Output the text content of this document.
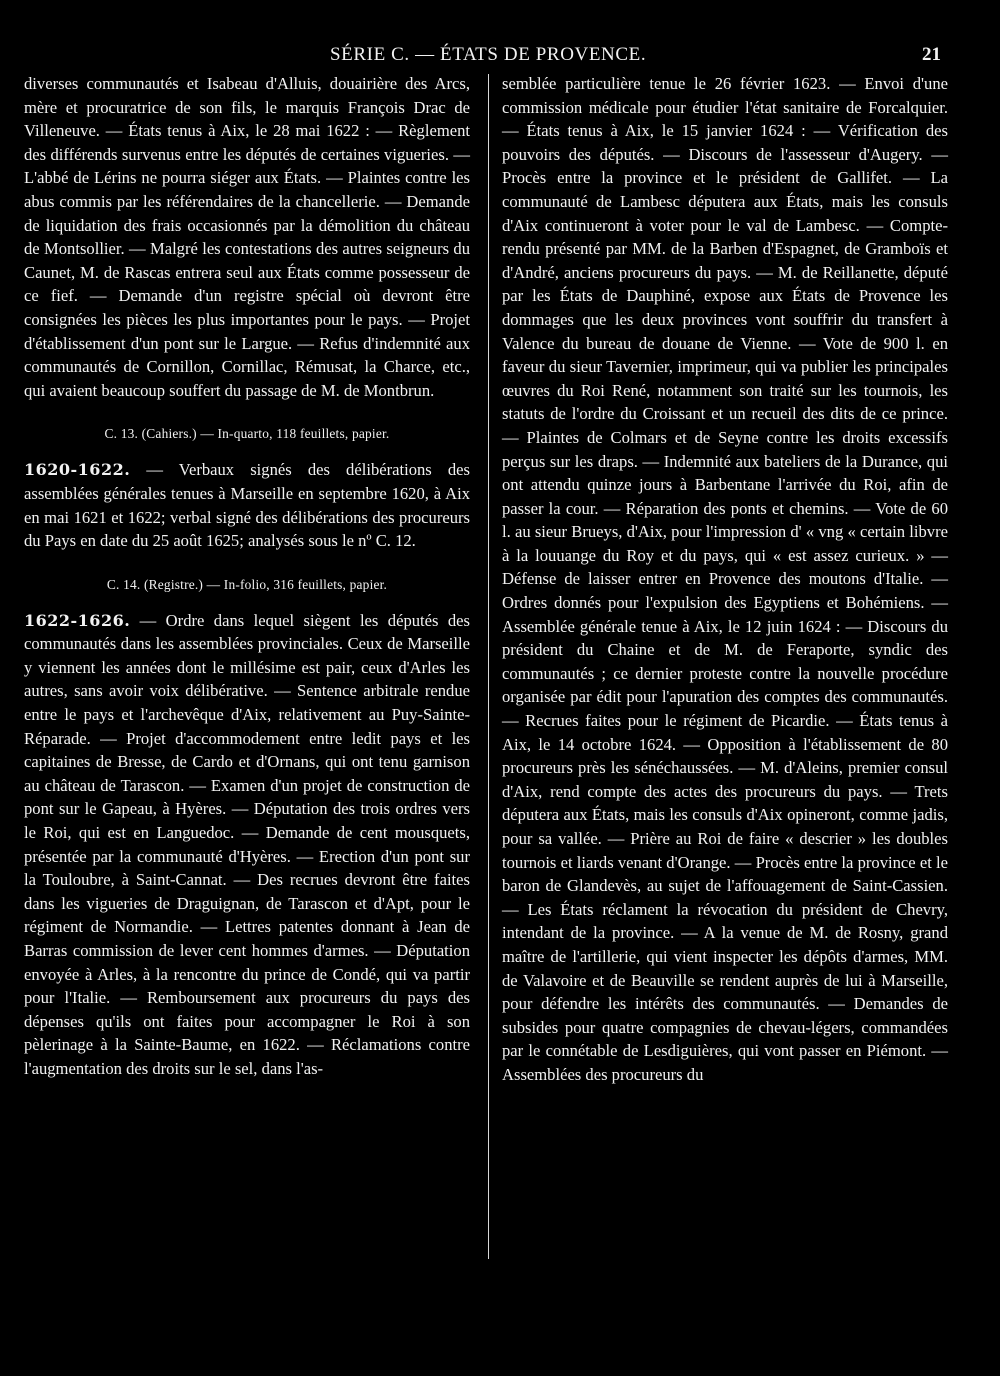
SÉRIE C. — ÉTATS DE PROVENCE.	21

diverses communautés et Isabeau d'Alluis, douairière des Arcs, mère et procuratrice de son fils, le marquis François Drac de Villeneuve. — États tenus à Aix, le 28 mai 1622 : — Règlement des différends survenus entre les députés de certaines vigueries. — L'abbé de Lérins ne pourra siéger aux États. — Plaintes contre les abus commis par les référendaires de la chancellerie. — Demande de liquidation des frais occasionnés par la démolition du château de Montsollier. — Malgré les contestations des autres seigneurs du Caunet, M. de Rascas entrera seul aux États comme possesseur de ce fief. — Demande d'un registre spécial où devront être consignées les pièces les plus importantes pour le pays. — Projet d'établissement d'un pont sur le Largue. — Refus d'indemnité aux communautés de Cornillon, Cornillac, Rémusat, la Charce, etc., qui avaient beaucoup souffert du passage de M. de Montbrun.

C. 13. (Cahiers.) — In-quarto, 118 feuillets, papier.

1620-1622. — Verbaux signés des délibérations des assemblées générales tenues à Marseille en septembre 1620, à Aix en mai 1621 et 1622; verbal signé des délibérations des procureurs du Pays en date du 25 août 1625; analysés sous le nº C. 12.

C. 14. (Registre.) — In-folio, 316 feuillets, papier.

1622-1626. — Ordre dans lequel siègent les députés des communautés dans les assemblées provinciales. Ceux de Marseille y viennent les années dont le millésime est pair, ceux d'Arles les autres, sans avoir voix délibérative. — Sentence arbitrale rendue entre le pays et l'archevêque d'Aix, relativement au Puy-Sainte-Réparade. — Projet d'accommodement entre ledit pays et les capitaines de Bresse, de Cardo et d'Ornans, qui ont tenu garnison au château de Tarascon. — Examen d'un projet de construction de pont sur le Gapeau, à Hyères. — Députation des trois ordres vers le Roi, qui est en Languedoc. — Demande de cent mousquets, présentée par la communauté d'Hyères. — Erection d'un pont sur la Touloubre, à Saint-Cannat. — Des recrues devront être faites dans les vigueries de Draguignan, de Tarascon et d'Apt, pour le régiment de Normandie. — Lettres patentes donnant à Jean de Barras commission de lever cent hommes d'armes. — Députation envoyée à Arles, à la rencontre du prince de Condé, qui va partir pour l'Italie. — Remboursement aux procureurs du pays des dépenses qu'ils ont faites pour accompagner le Roi à son pèlerinage à la Sainte-Baume, en 1622. — Réclamations contre l'augmentation des droits sur le sel, dans l'as-

semblée particulière tenue le 26 février 1623. — Envoi d'une commission médicale pour étudier l'état sanitaire de Forcalquier. — États tenus à Aix, le 15 janvier 1624 : — Vérification des pouvoirs des députés. — Discours de l'assesseur d'Augery. — Procès entre la province et le président de Gallifet. — La communauté de Lambesc députera aux États, mais les consuls d'Aix continueront à voter pour le val de Lambesc. — Compte-rendu présenté par MM. de la Barben d'Espagnet, de Gramboïs et d'André, anciens procureurs du pays. — M. de Reillanette, député par les États de Dauphiné, expose aux États de Provence les dommages que les deux provinces vont souffrir du transfert à Valence du bureau de douane de Vienne. — Vote de 900 l. en faveur du sieur Tavernier, imprimeur, qui va publier les principales œuvres du Roi René, notamment son traité sur les tournois, les statuts de l'ordre du Croissant et un recueil des dits de ce prince. — Plaintes de Colmars et de Seyne contre les droits excessifs perçus sur les draps. — Indemnité aux bateliers de la Durance, qui ont attendu quinze jours à Barbentane l'arrivée du Roi, afin de passer la cour. — Réparation des ponts et chemins. — Vote de 60 l. au sieur Brueys, d'Aix, pour l'impression d' « vng « certain libvre à la louuange du Roy et du pays, qui « est assez curieux. » — Défense de laisser entrer en Provence des moutons d'Italie. — Ordres donnés pour l'expulsion des Egyptiens et Bohémiens. — Assemblée générale tenue à Aix, le 12 juin 1624 : — Discours du président du Chaine et de M. de Feraporte, syndic des communautés ; ce dernier proteste contre la nouvelle procédure organisée par édit pour l'apuration des comptes des communautés. — Recrues faites pour le régiment de Picardie. — États tenus à Aix, le 14 octobre 1624. — Opposition à l'établissement de 80 procureurs près les sénéchaussées. — M. d'Aleins, premier consul d'Aix, rend compte des actes des procureurs du pays. — Trets députera aux États, mais les consuls d'Aix opineront, comme jadis, pour sa vallée. — Prière au Roi de faire « descrier » les doubles tournois et liards venant d'Orange. — Procès entre la province et le baron de Glandevès, au sujet de l'affouagement de Saint-Cassien. — Les États réclament la révocation du président de Chevry, intendant de la province. — A la venue de M. de Rosny, grand maître de l'artillerie, qui vient inspecter les dépôts d'armes, MM. de Valavoire et de Beauville se rendent auprès de lui à Marseille, pour défendre les intérêts des communautés. — Demandes de subsides pour quatre compagnies de chevau-légers, commandées par le connétable de Lesdiguières, qui vont passer en Piémont. — Assemblées des procureurs du
